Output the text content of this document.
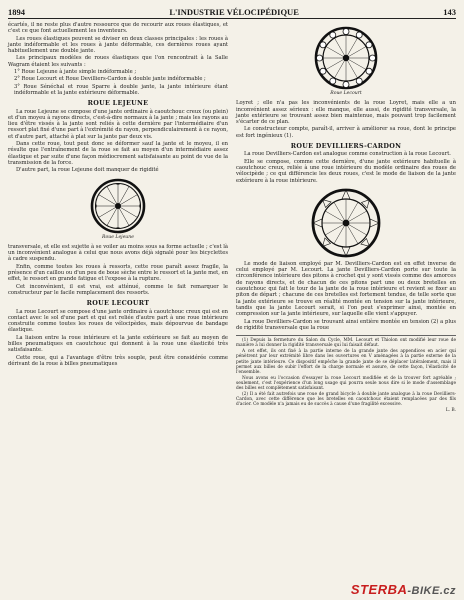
1894	L'INDUSTRIE VÉLOCIPÉDIQUE	143

écartés, il ne reste plus d'autre ressource que de recourir aux roues élastiques, et c'est ce que font actuellement les inventeurs.

Les roues élastiques peuvent se diviser en deux classes principales : les roues à jante indéformable et les roues à jante déformable, ces dernières roues ayant habituellement une double jante.

Les principaux modèles de roues élastiques que l'on rencontrait à la Salle Wagram étaient les suivants :

1° Roue Lejeune à jante simple indéformable ;

2° Roue Lecourt et Roue Devilliers-Cardon à double jante indéformable ;

3° Roue Sénéchal et roue Sparre à double jante, la jante intérieure étant indéformable et la jante extérieure déformable.

ROUE LEJEUNE

La roue Lejeune se compose d'une jante ordinaire à caoutchouc creux (ou plein) et d'un moyeu à rayons directs, c'est-à-dire normaux à la jante ; mais les rayons au lieu d'être vissés à la jante sont reliés à cette dernière par l'intermédiaire d'un ressort plat fixé d'une part à l'extrémité du rayon, perpendiculairement à ce rayon, et d'autre part, attaché à plat sur la jante par deux vis.

Dans cette roue, tout peut donc se déformer sauf la jante et le moyeu, il en résulte que l'entraînement de la roue se fait au moyen d'un intermédiaire assez élastique et par suite d'une façon médiocrement satisfaisante au point de vue de la transmission de la force.

D'autre part, la roue Lejeune doit manquer de rigidité

Roue Lejeune

transversale, et elle est sujette à se voiler au moins sous sa forme actuelle ; c'est là un inconvénient analogue à celui que nous avons déjà signalé pour les bicyclettes à cadre suspendu.

Enfin, comme toutes les roues à ressorts, cette roue paraît assez fragile, la présence d'un caillou ou d'un peu de boue sèche entre le ressort et la jante met, en effet, le ressort en grande fatigue et l'expose à la rupture.

Cet inconvénient, il est vrai, est atténué, comme le fait remarquer le constructeur par le facile remplacement des ressorts.

ROUE LECOURT

La roue Lecourt se compose d'une jante ordinaire à caoutchouc creux qui est en contact avec le sol d'une part et qui est reliée d'autre part à une roue intérieure construite comme toutes les roues de vélocipèdes, mais dépourvue de bandage élastique.

La liaison entre la roue intérieure et la jante extérieure se fait au moyen de billes pneumatiques en caoutchouc qui donnent à la roue une élasticité très satisfaisante.

Cette roue, qui a l'avantage d'être très souple, peut être considérée comme dérivant de la roue à billes pneumatiques

Roue Lecourt

Loyret ; elle n'a pas les inconvénients de la roue Loyret, mais elle a un inconvénient assez sérieux : elle manque, elle aussi, de rigidité transversale, la jante extérieure se trouvant assez bien maintenue, mais pouvant trop facilement s'écarter de ce plan.

Le constructeur compte, paraît-il, arriver à améliorer sa roue, dont le principe est fort ingénieux (1).

ROUE DEVILLIERS-CARDON

La roue Devilliers-Cardon est analogue comme construction à la roue Lecourt.

Elle se compose, comme cette dernière, d'une jante extérieure habituelle à caoutchouc creux, reliée à une roue intérieure du modèle ordinaire des roues de vélocipède ; ce qui différencie les deux roues, c'est le mode de liaison de la jante extérieure à la roue intérieure.

Le mode de liaison employé par M. Devilliers-Cardon est en effet inverse de celui employé par M. Lecourt. La jante Devilliers-Cardon porte sur toute la circonférence intérieure des pitons à crochet qui y sont vissés comme des amorces de rayons directs, et de chacun de ces pitons part une ou deux bretelles en caoutchouc qui fait le tour de la jante de la roue intérieure et revient se fixer au piton de départ ; chacune de ces bretelles est fortement tendue, de telle sorte que la jante extérieure se trouve en réalité montée en tension sur la jante intérieure, tandis que la jante Lecourt serait, si l'on peut s'exprimer ainsi, montée en compression sur la jante intérieure, sur laquelle elle vient s'appuyer.

La roue Devilliers-Cardon se trouvant ainsi entière montée en tension (2) a plus de rigidité transversale que la roue

(1) Depuis la fermeture du Salon du Cycle, MM. Lecourt et Thiolon ont modifié leur roue de manière à lui donner la rigidité transversale qui lui faisait défaut.

A cet effet, ils ont fixé à la partie interne de la grande jante des appendices en acier qui pénètrent par leur extrémité libre dans les ouvertures en V aménagées à la partie externe de la petite jante intérieure. Ce dispositif empêche la grande jante de se déplacer latéralement, mais il permet aux billes de subir l'effort de la charge normale et assure, de cette façon, l'élasticité de l'ensemble.

Nous avons eu l'occasion d'essayer la roue Lecourt modifiée et de la trouver fort agréable ; seulement, c'est l'expérience d'un long usage qui pourra seule nous dire si le mode d'assemblage des billes est complètement satisfaisant.

(2) Il a été fait autrefois une roue de grand bicycle à double jante analogue à la roue Devilliers-Cardon, avec cette différence que les bretelles en caoutchouc étaient remplacées par des fils d'acier. Ce modèle n'a jamais eu de succès à cause d'une fragilité excessive.

L. B.

STERBA-BIKE.cz
